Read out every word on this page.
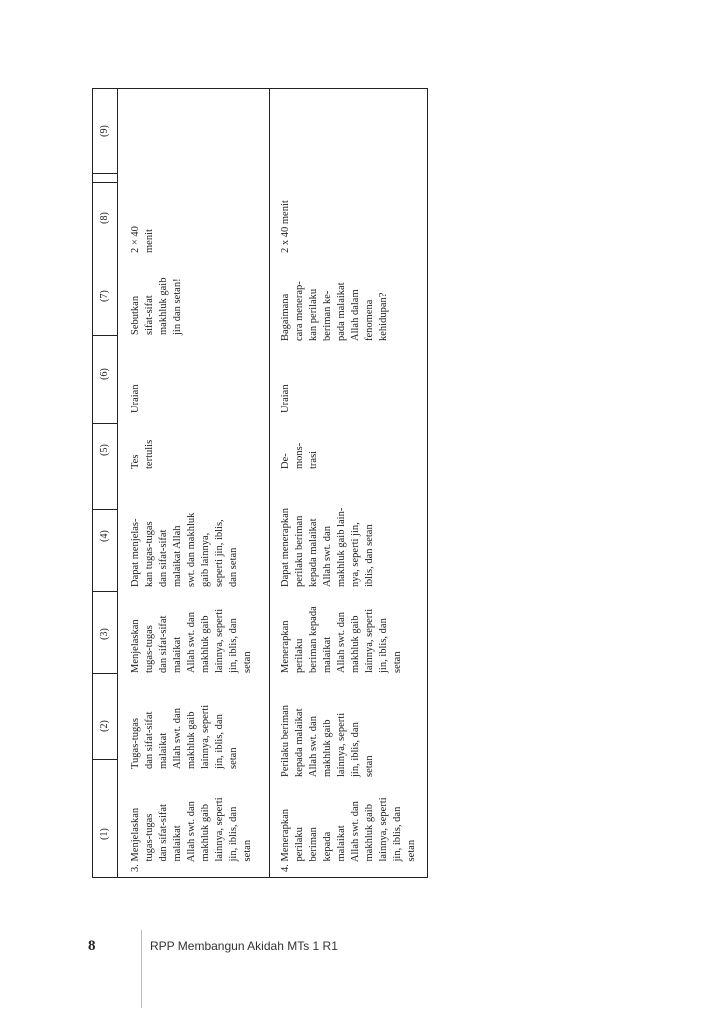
(1)
(2)
(3)
(4)
(5)
(6)
(7)
(8)
(9)
3. Menjelaskan
tugas-tugas
dan sifat-sifat
malaikat
Allah swt. dan
makhluk gaib
lainnya, seperti
jin, iblis, dan
setan
Tugas-tugas
dan sifat-sifat
malaikat
Allah swt. dan
makhluk gaib
lainnya, seperti
jin, iblis, dan
setan
Menjelaskan
tugas-tugas
dan sifat-sifat
malaikat
Allah swt. dan
makhluk gaib
lainnya, seperti
jin, iblis, dan
setan
Dapat menjelas-
kan tugas-tugas
dan sifat-sifat
malaikat Allah
swt. dan makhluk
gaib lainnya,
seperti jin, iblis,
dan setan
Tes
tertulis
Uraian
Sebutkan
sifat-sifat
makhluk gaib
jin dan setan!
2 × 40
menit
4. Menerapkan
perilaku
beriman
kepada
malaikat
Allah swt. dan
makhluk gaib
lainnya, seperti
jin, iblis, dan
setan
Perilaku beriman
kepada malaikat
Allah swt. dan
makhluk gaib
lainnya, seperti
jin, iblis, dan
setan
Menerapkan
perilaku
beriman kepada
malaikat
Allah swt. dan
makhluk gaib
lainnya, seperti
jin, iblis, dan
setan
Dapat menerapkan
perilaku beriman
kepada malaikat
Allah swt. dan
makhluk gaib lain-
nya, seperti jin,
iblis, dan setan
De-
mons-
trasi
Uraian
Bagaimana
cara menerap-
kan perilaku
beriman ke-
pada malaikat
Allah dalam
fenomena
kehidupan?
2 x 40 menit
8	RPP Membangun Akidah MTs 1 R1
